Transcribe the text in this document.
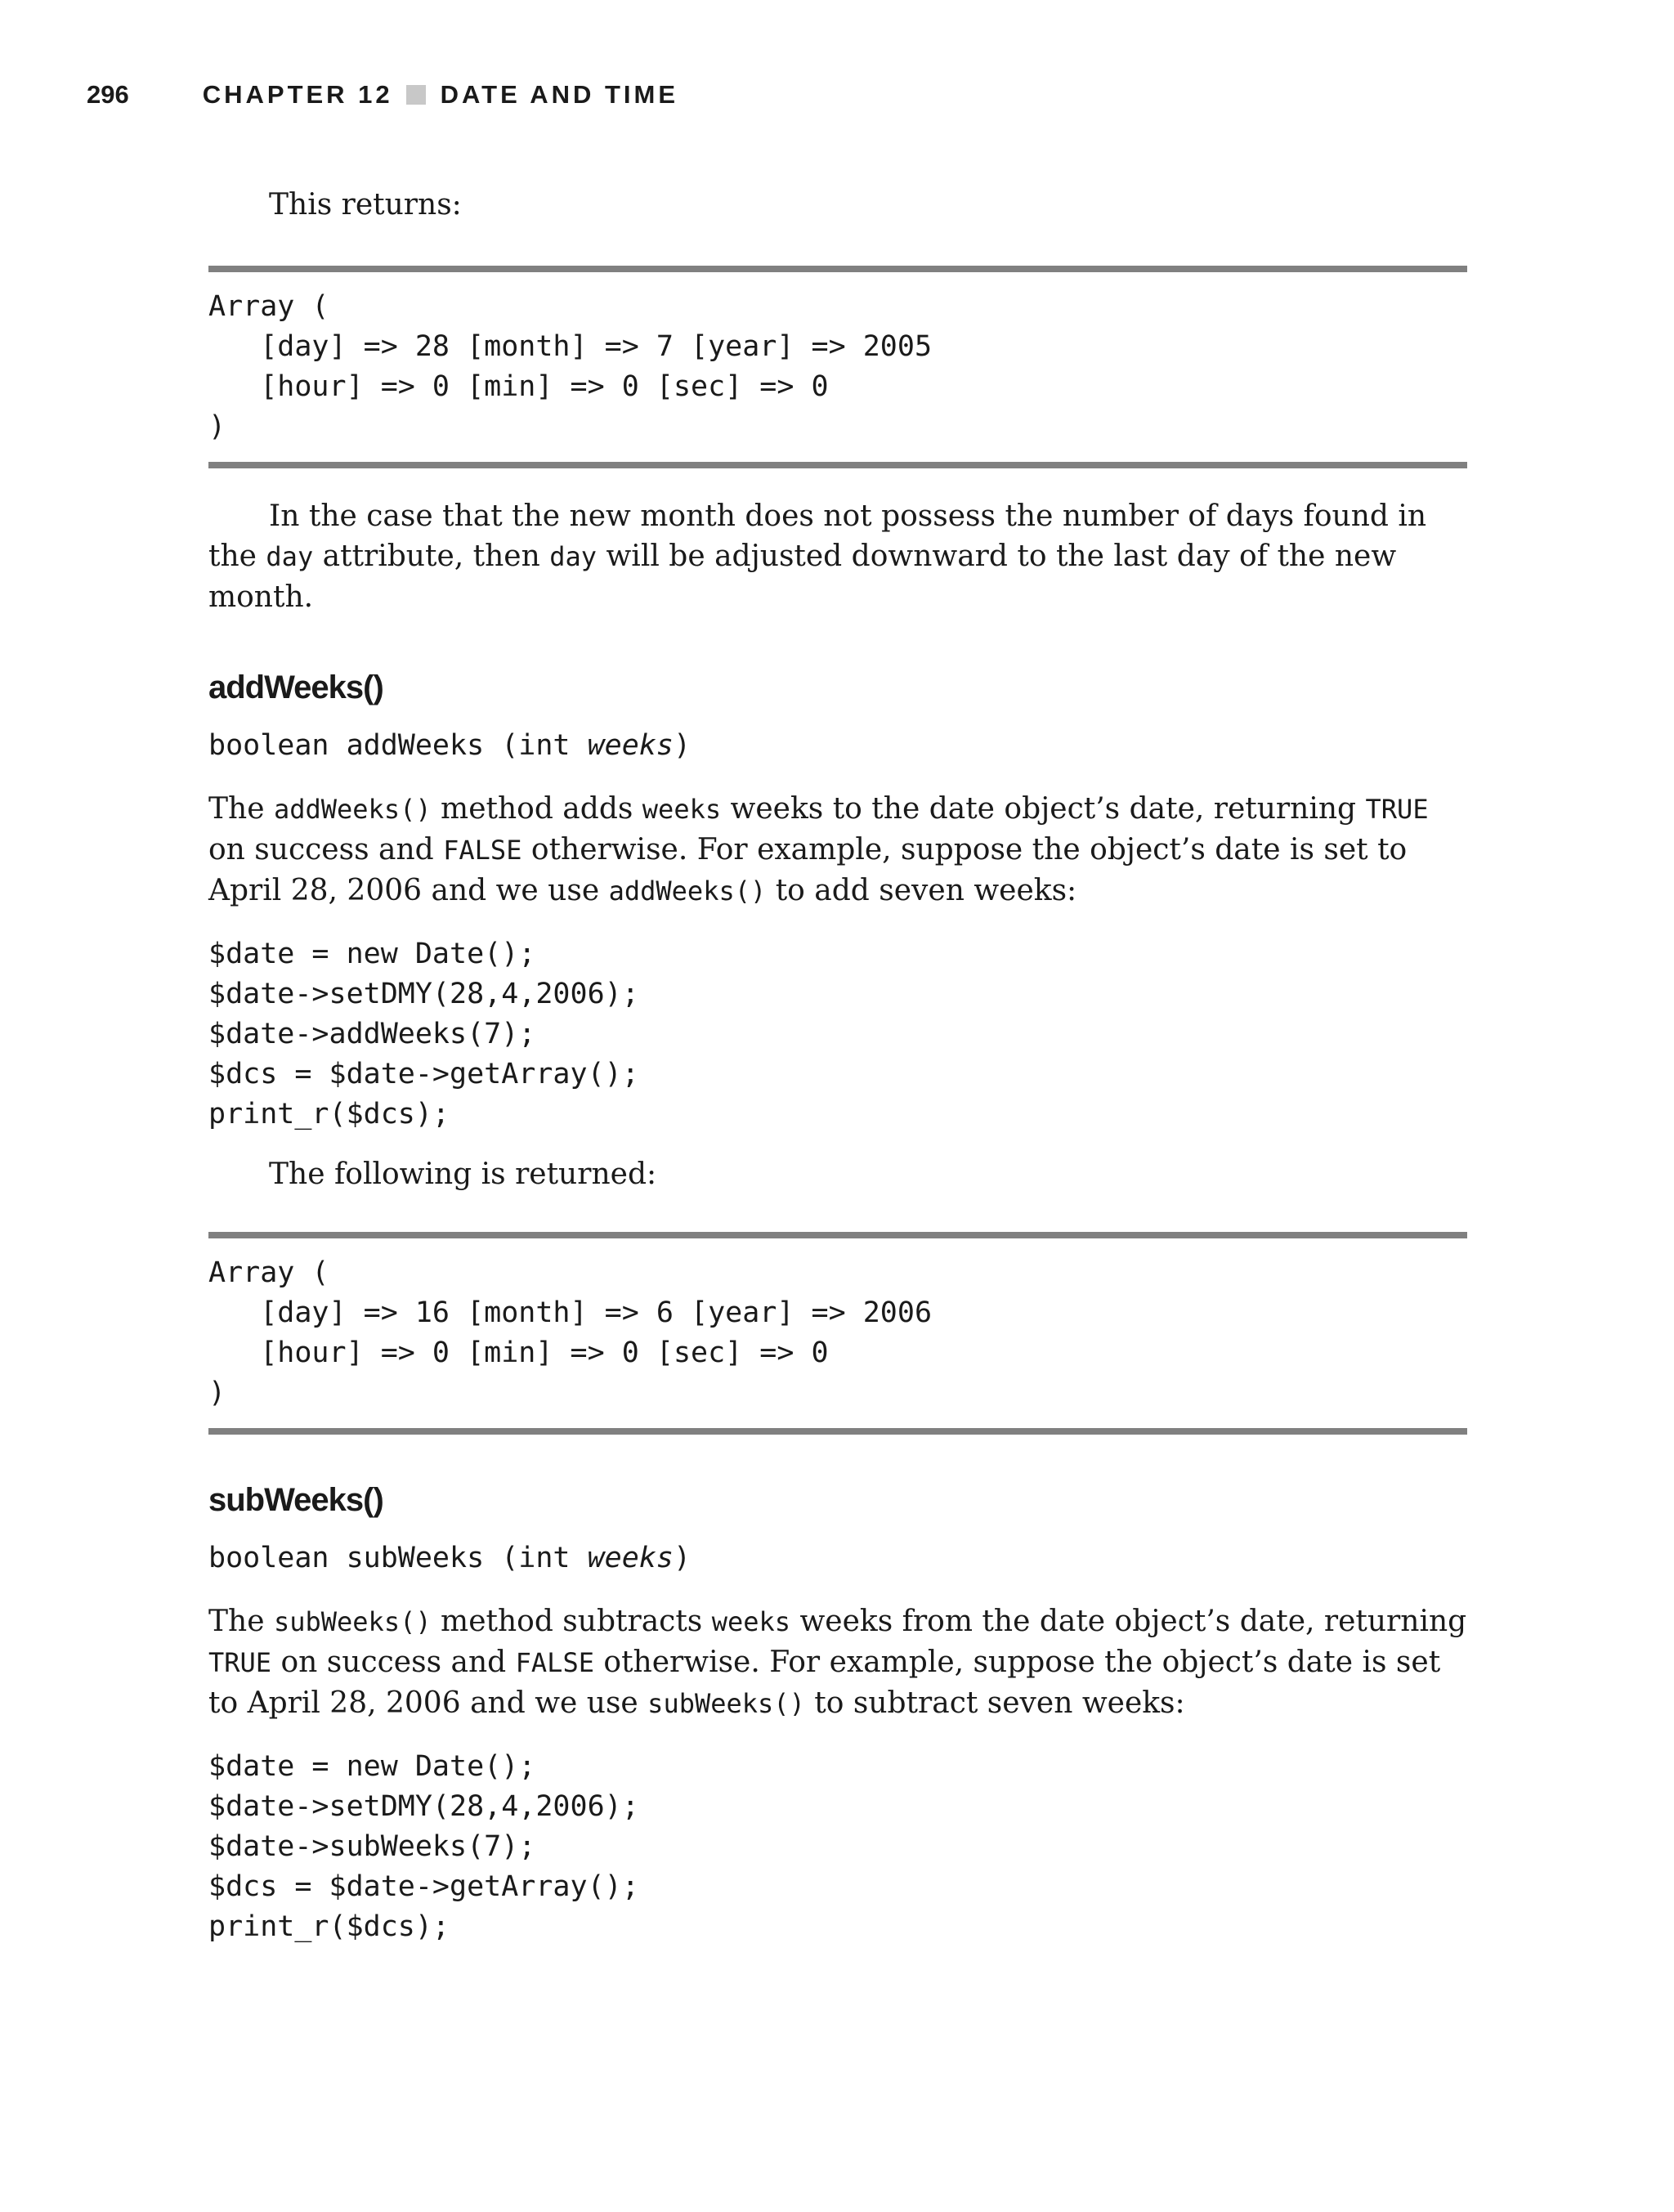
296	CHAPTER 12 DATE AND TIME

This returns:

Array (
[day] => 28 [month] => 7 [year] => 2005
[hour] => 0 [min] => 0 [sec] => 0
)

In the case that the new month does not possess the number of days found in the day attribute, then day will be adjusted downward to the last day of the new month.

addWeeks()

boolean addWeeks (int weeks)

The addWeeks() method adds weeks weeks to the date object’s date, returning TRUE on success and FALSE otherwise. For example, suppose the object’s date is set to April 28, 2006 and we use addWeeks() to add seven weeks:

$date = new Date();
$date->setDMY(28,4,2006);
$date->addWeeks(7);
$dcs = $date->getArray();
print_r($dcs);

The following is returned:

Array (
[day] => 16 [month] => 6 [year] => 2006
[hour] => 0 [min] => 0 [sec] => 0
)
subWeeks()

boolean subWeeks (int weeks)

The subWeeks() method subtracts weeks weeks from the date object’s date, returning TRUE on success and FALSE otherwise. For example, suppose the object’s date is set to April 28, 2006 and we use subWeeks() to subtract seven weeks:

$date = new Date();
$date->setDMY(28,4,2006);
$date->subWeeks(7);
$dcs = $date->getArray();
print_r($dcs);
